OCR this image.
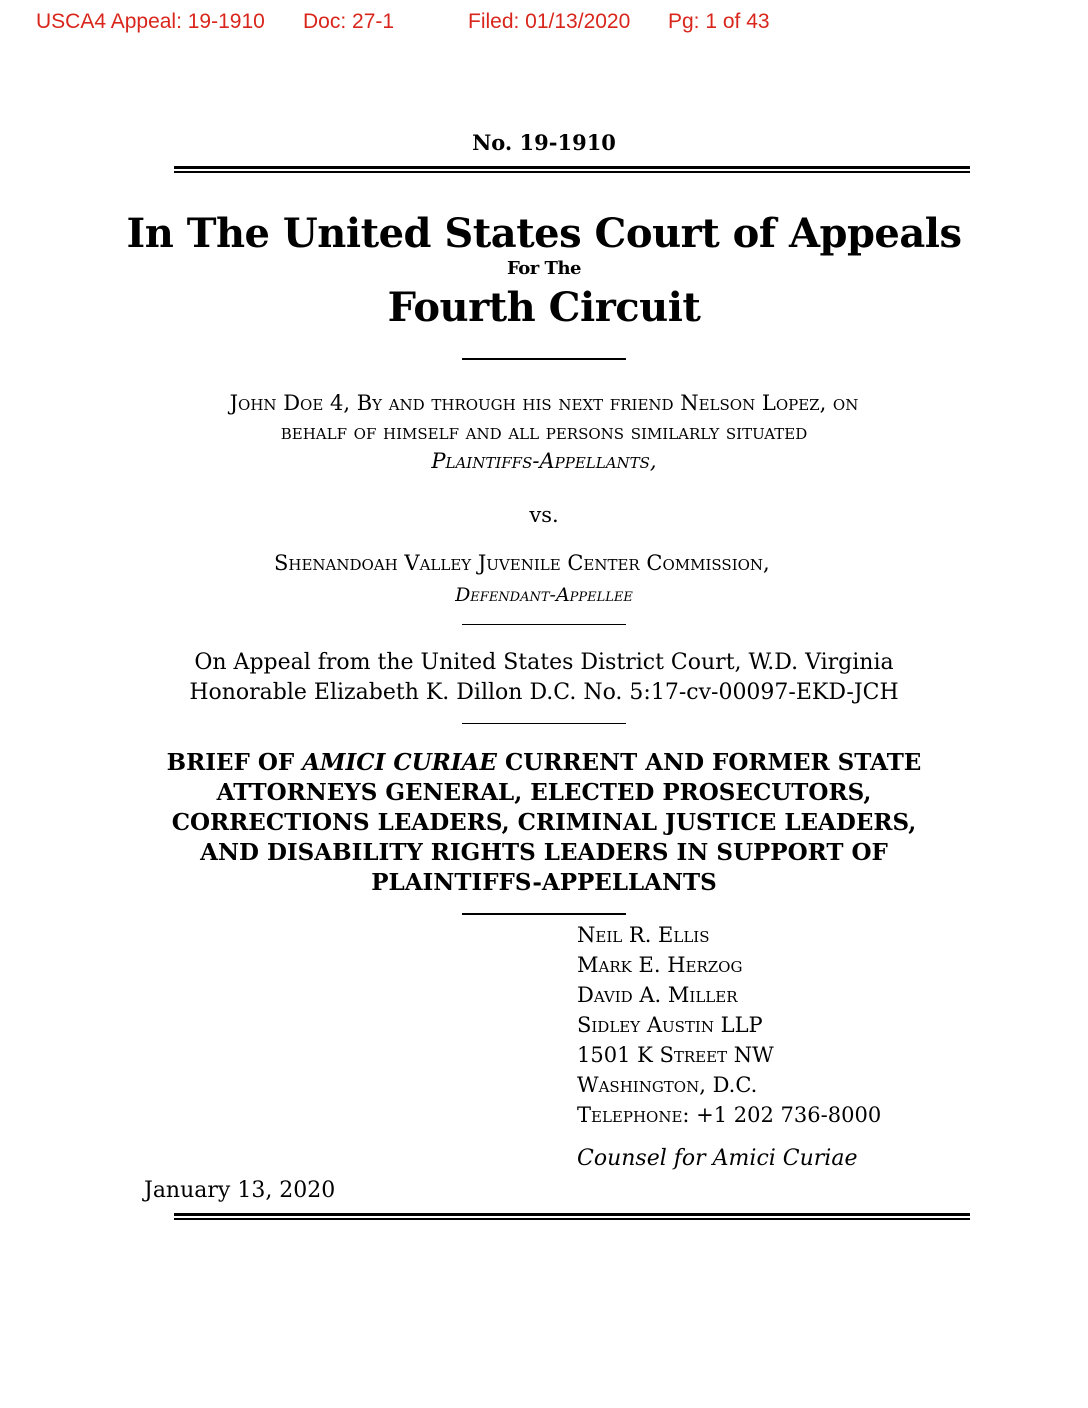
USCA4 Appeal: 19-1910 Doc: 27-1	Filed: 01/13/2020 Pg: 1 of 43
No. 19-1910
In The United States Court of Appeals
For The
Fourth Circuit
John Doe 4, By and through his next friend Nelson Lopez, on
behalf of himself and all persons similarly situated
Plaintiffs-Appellants,
vs.
Shenandoah Valley Juvenile Center Commission,
Defendant-Appellee
On Appeal from the United States District Court, W.D. Virginia
Honorable Elizabeth K. Dillon D.C. No. 5:17-cv-00097-EKD-JCH
BRIEF OF AMICI CURIAE CURRENT AND FORMER STATE
ATTORNEYS GENERAL, ELECTED PROSECUTORS,
CORRECTIONS LEADERS, CRIMINAL JUSTICE LEADERS,
AND DISABILITY RIGHTS LEADERS IN SUPPORT OF
PLAINTIFFS-APPELLANTS
Neil R. Ellis
Mark E. Herzog
David A. Miller
Sidley Austin LLP
1501 K Street NW
Washington, D.C.
Telephone: +1 202 736-8000
Counsel for Amici Curiae
January 13, 2020
